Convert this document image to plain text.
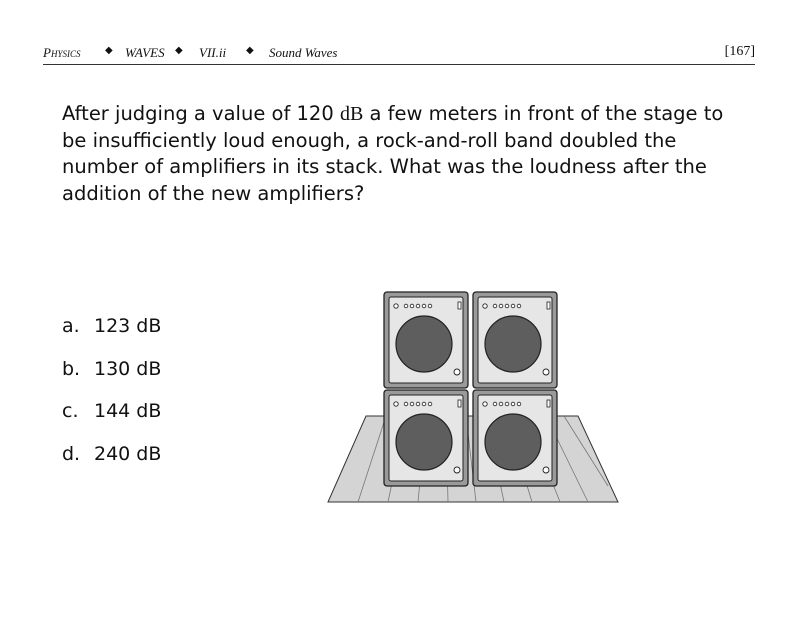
Physics ◆ WAVES ◆ VII.ii ◆ Sound Waves	[167]
After judging a value of 120 dB a few meters in front of the stage to be insufficiently loud enough, a rock-and-roll band doubled the number of amplifiers in its stack. What was the loudness after the addition of the new amplifiers?
a. 123 dB
b. 130 dB
c. 144 dB
d. 240 dB
